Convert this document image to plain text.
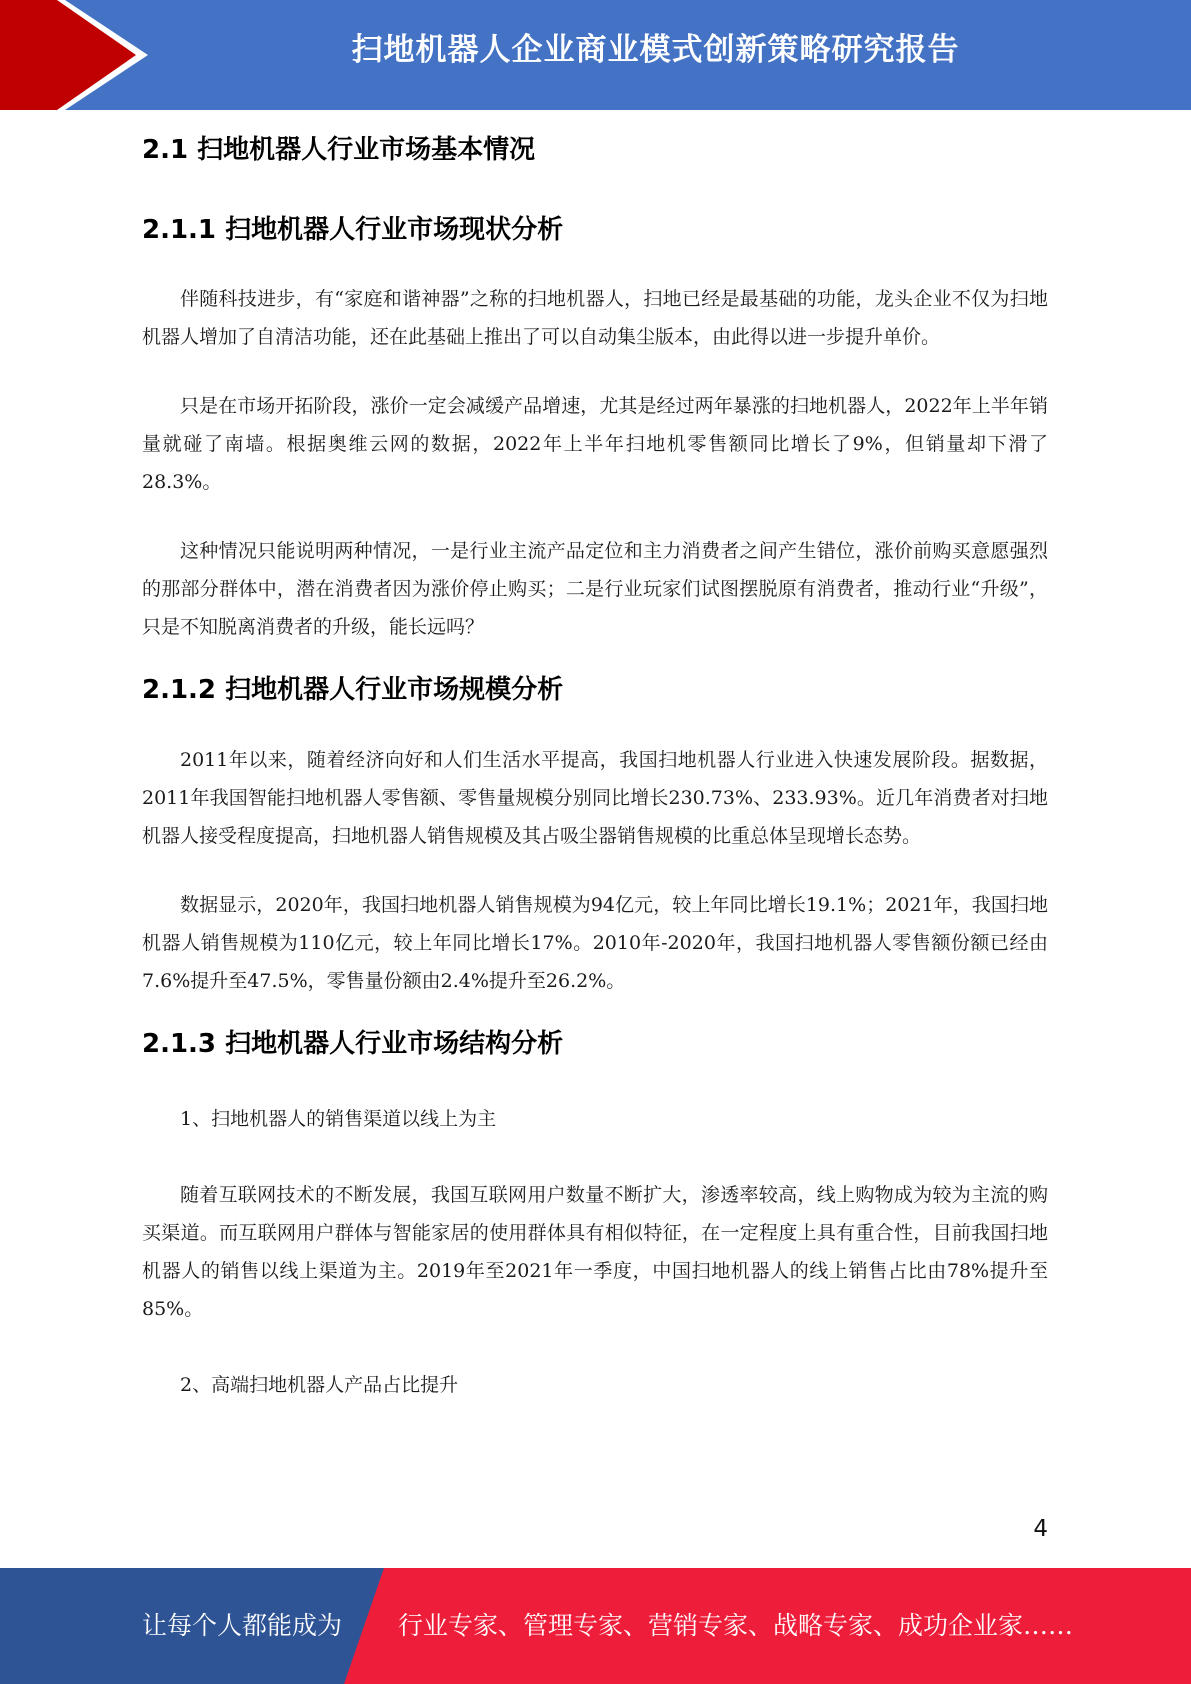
扫地机器人企业商业模式创新策略研究报告
2.1 扫地机器人行业市场基本情况
2.1.1 扫地机器人行业市场现状分析

伴随科技进步，有“家庭和谐神器”之称的扫地机器人，扫地已经是最基础的功能，龙头企业不仅为扫地机器人增加了自清洁功能，还在此基础上推出了可以自动集尘版本，由此得以进一步提升单价。

只是在市场开拓阶段，涨价一定会减缓产品增速，尤其是经过两年暴涨的扫地机器人，2022年上半年销量就碰了南墙。根据奥维云网的数据，2022年上半年扫地机零售额同比增长了9%，但销量却下滑了28.3%。

这种情况只能说明两种情况，一是行业主流产品定位和主力消费者之间产生错位，涨价前购买意愿强烈的那部分群体中，潜在消费者因为涨价停止购买；二是行业玩家们试图摆脱原有消费者，推动行业“升级”，只是不知脱离消费者的升级，能长远吗？

2.1.2 扫地机器人行业市场规模分析

2011年以来，随着经济向好和人们生活水平提高，我国扫地机器人行业进入快速发展阶段。据数据，2011年我国智能扫地机器人零售额、零售量规模分别同比增长230.73%、233.93%。近几年消费者对扫地机器人接受程度提高，扫地机器人销售规模及其占吸尘器销售规模的比重总体呈现增长态势。

数据显示，2020年，我国扫地机器人销售规模为94亿元，较上年同比增长19.1%；2021年，我国扫地机器人销售规模为110亿元，较上年同比增长17%。2010年-2020年，我国扫地机器人零售额份额已经由7.6%提升至47.5%，零售量份额由2.4%提升至26.2%。

2.1.3 扫地机器人行业市场结构分析

1、扫地机器人的销售渠道以线上为主

随着互联网技术的不断发展，我国互联网用户数量不断扩大，渗透率较高，线上购物成为较为主流的购买渠道。而互联网用户群体与智能家居的使用群体具有相似特征，在一定程度上具有重合性，目前我国扫地机器人的销售以线上渠道为主。2019年至2021年一季度，中国扫地机器人的线上销售占比由78%提升至85%。

2、高端扫地机器人产品占比提升

4
让每个人都能成为 行业专家、管理专家、营销专家、战略专家、成功企业家……
